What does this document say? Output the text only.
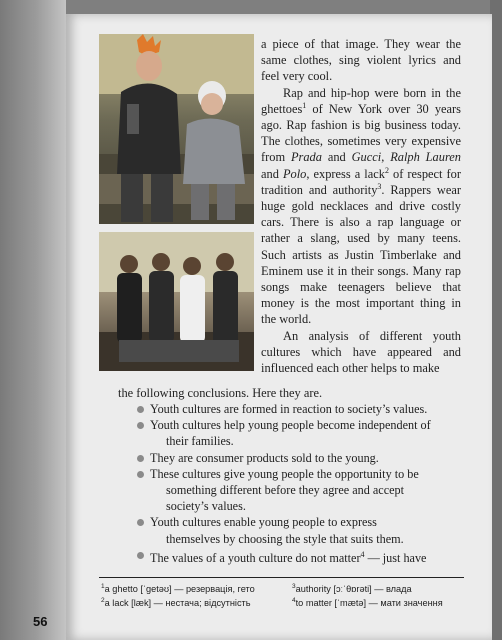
a piece of that image. They wear the same clothes, sing violent lyrics and feel very cool.

Rap and hip-hop were born in the ghettoes$^1$ of New York over 30 years ago. Rap fashion is big business today. The clothes, sometimes very expensive from Prada and Gucci, Ralph Lauren and Polo, express a lack$^2$ of respect for tradition and authority$^3$. Rappers wear huge gold necklaces and drive costly cars. There is also a rap language or rather a slang, used by many teens. Such artists as Justin Timberlake and Eminem use it in their songs. Many rap songs make teenagers believe that money is the most important thing in the world.

An analysis of different youth cultures which have appeared and influenced each other helps to make

the following conclusions. Here they are.
Youth cultures are formed in reaction to society’s values.
Youth cultures help young people become independent of
their families.
They are consumer products sold to the young.
These cultures give young people the opportunity to be
something different before they agree and accept
society’s values.
Youth cultures enable young people to express
themselves by choosing the style that suits them.
The values of a youth culture do not matter$^4$ — just have
$^1$a ghetto [ˈɡetəʊ] — резервація, гето
$^2$a lack [læk] — нестача; відсутність
$^3$authority [ɔːˈθɒrəti] — влада
$^4$to matter [ˈmætə] — мати значення
56
